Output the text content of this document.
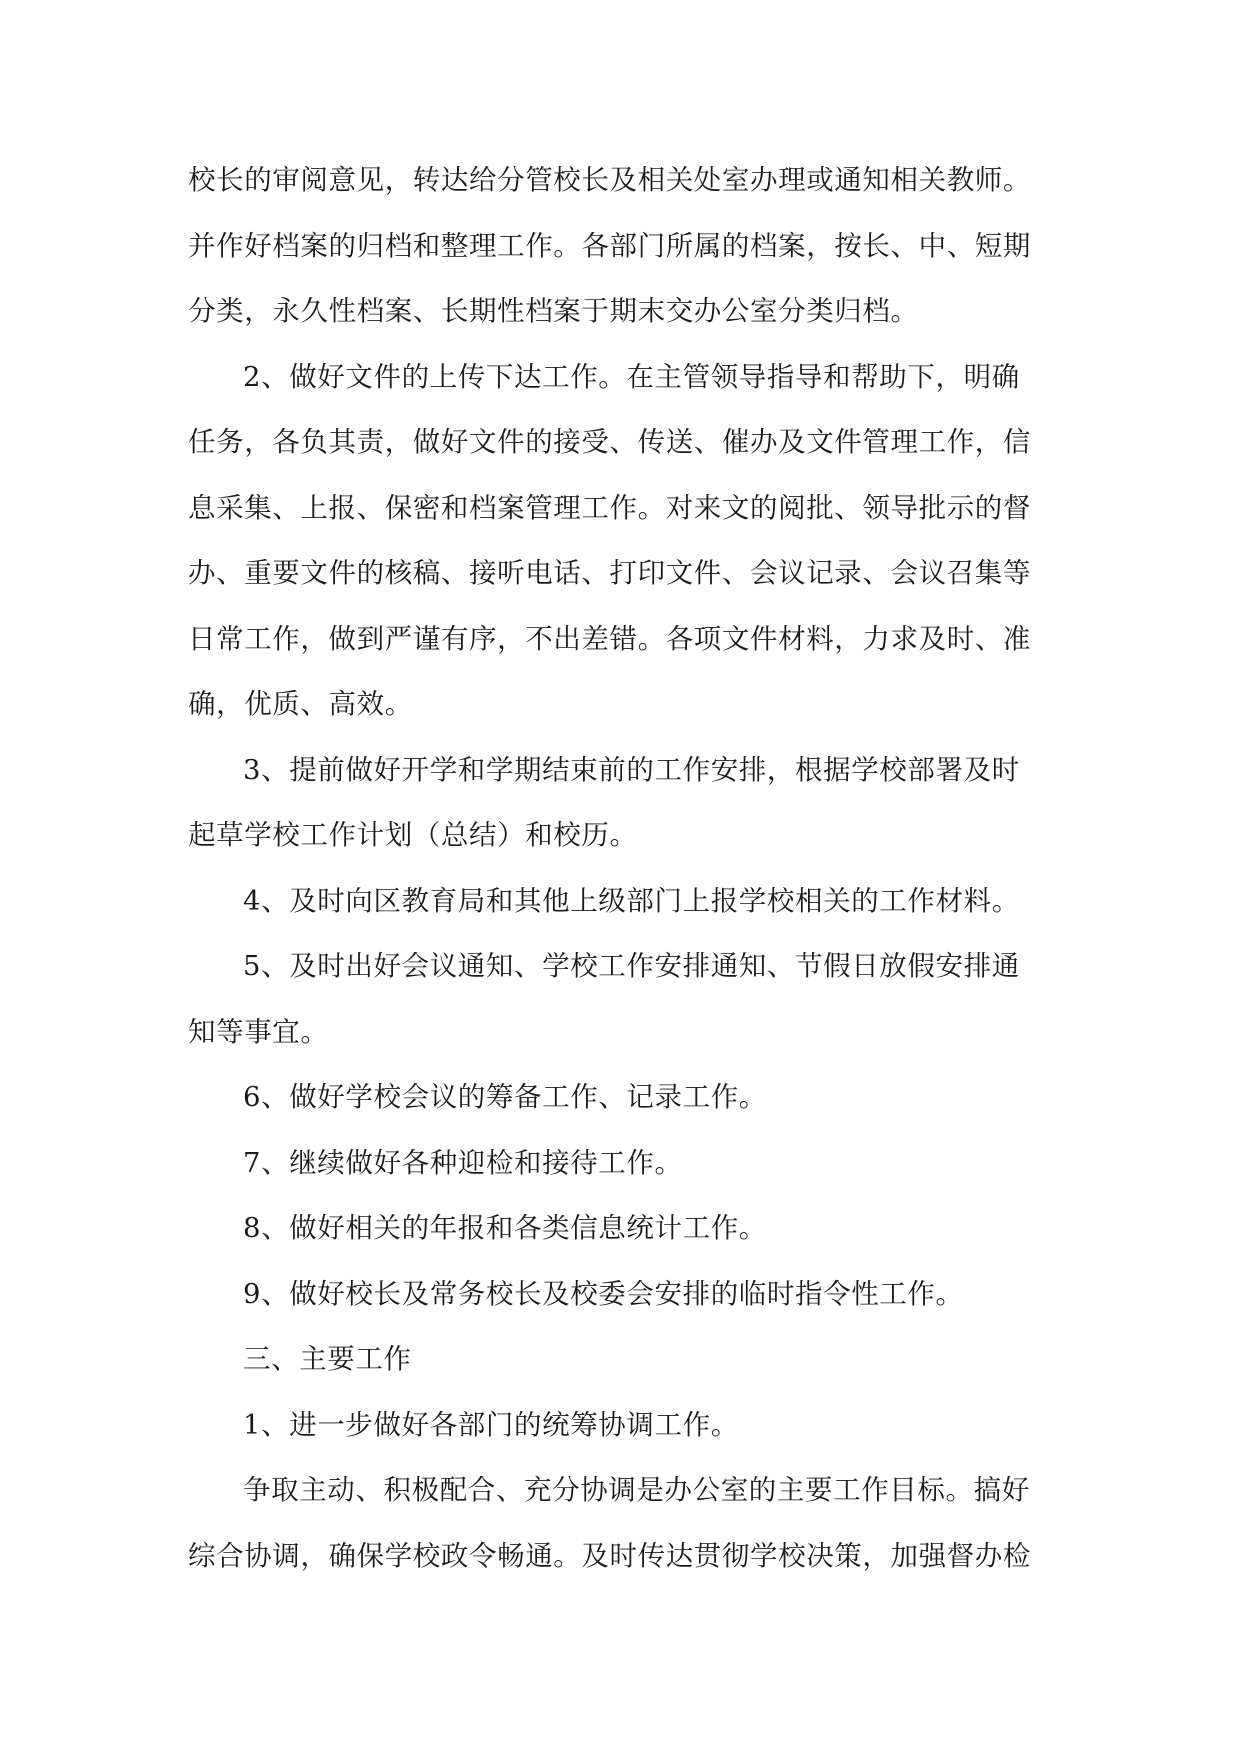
校长的审阅意见，转达给分管校长及相关处室办理或通知相关教师。
并作好档案的归档和整理工作。各部门所属的档案，按长、中、短期
分类，永久性档案、长期性档案于期末交办公室分类归档。
2、做好文件的上传下达工作。在主管领导指导和帮助下，明确
任务，各负其责，做好文件的接受、传送、催办及文件管理工作，信
息采集、上报、保密和档案管理工作。对来文的阅批、领导批示的督
办、重要文件的核稿、接听电话、打印文件、会议记录、会议召集等
日常工作，做到严谨有序，不出差错。各项文件材料，力求及时、准
确，优质、高效。
3、提前做好开学和学期结束前的工作安排，根据学校部署及时
起草学校工作计划（总结）和校历。
4、及时向区教育局和其他上级部门上报学校相关的工作材料。
5、及时出好会议通知、学校工作安排通知、节假日放假安排通
知等事宜。
6、做好学校会议的筹备工作、记录工作。
7、继续做好各种迎检和接待工作。
8、做好相关的年报和各类信息统计工作。
9、做好校长及常务校长及校委会安排的临时指令性工作。
三、主要工作
1、进一步做好各部门的统筹协调工作。
争取主动、积极配合、充分协调是办公室的主要工作目标。搞好
综合协调，确保学校政令畅通。及时传达贯彻学校决策，加强督办检
